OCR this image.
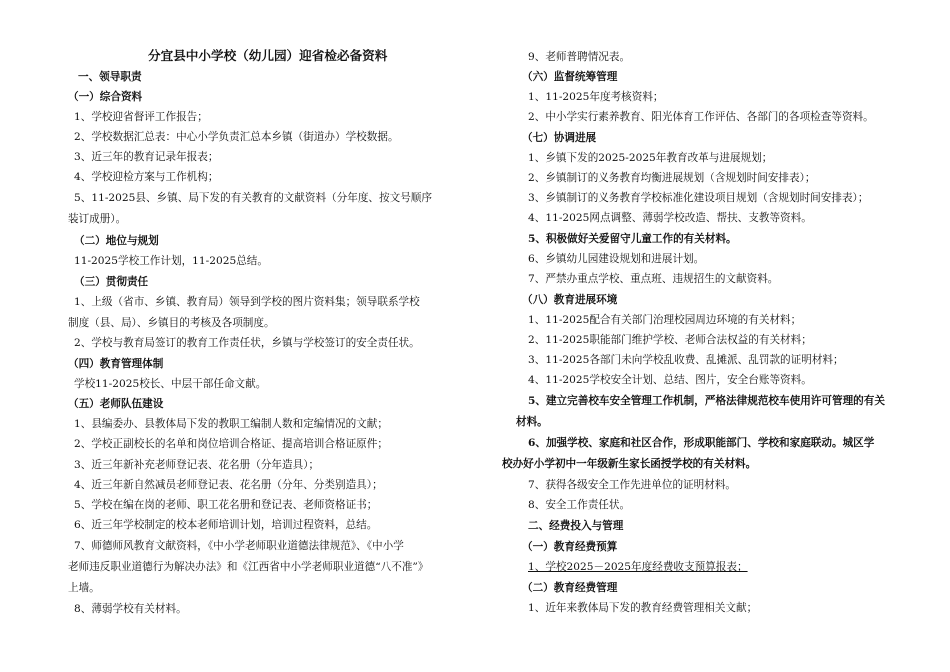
分宜县中小学校（幼儿园）迎省检必备资料
一、领导职责
（一）综合资料
1、学校迎省督评工作报告；
2、学校数据汇总表：中心小学负责汇总本乡镇（街道办）学校数据。
3、近三年的教育记录年报表；
4、学校迎检方案与工作机构；
5、11-2025县、乡镇、局下发的有关教育的文献资料（分年度、按文号顺序
装订成册）。
（二）地位与规划
11-2025学校工作计划，11-2025总结。
（三）贯彻责任
1、上级（省市、乡镇、教育局）领导到学校的图片资料集；领导联系学校
制度（县、局）、乡镇目的考核及各项制度。
2、学校与教育局签订的教育工作责任状，乡镇与学校签订的安全责任状。
（四）教育管理体制
学校11-2025校长、中层干部任命文献。
（五）老师队伍建设
1、县编委办、县教体局下发的教职工编制人数和定编情况的文献；
2、学校正副校长的名单和岗位培训合格证、提高培训合格证原件；
3、近三年新补充老师登记表、花名册（分年造具）；
4、近三年新自然减员老师登记表、花名册（分年、分类别造具）；
5、学校在编在岗的老师、职工花名册和登记表、老师资格证书；
6、近三年学校制定的校本老师培训计划，培训过程资料，总结。
7、师德师风教育文献资料，《中小学老师职业道德法律规范》、《中小学
老师违反职业道德行为解决办法》和《江西省中小学老师职业道德“八不准”》
上墙。
8、薄弱学校有关材料。
9、老师普聘情况表。
（六）监督统筹管理
1、11-2025年度考核资料；
2、中小学实行素养教育、阳光体育工作评估、各部门的各项检查等资料。
（七）协调进展
1、乡镇下发的2025-2025年教育改革与进展规划；
2、乡镇制订的义务教育均衡进展规划（含规划时间安排表）；
3、乡镇制订的义务教育学校标准化建设项目规划（含规划时间安排表）；
4、11-2025网点调整、薄弱学校改造、帮扶、支教等资料。
5、积极做好关爱留守儿童工作的有关材料。
6、乡镇幼儿园建设规划和进展计划。
7、严禁办重点学校、重点班、违规招生的文献资料。
（八）教育进展环境
1、11-2025配合有关部门治理校园周边环境的有关材料；
2、11-2025职能部门维护学校、老师合法权益的有关材料；
3、11-2025各部门未向学校乱收费、乱摊派、乱罚款的证明材料；
4、11-2025学校安全计划、总结、图片，安全台账等资料。
5、建立完善校车安全管理工作机制，严格法律规范校车使用许可管理的有关
材料。
6、加强学校、家庭和社区合作，形成职能部门、学校和家庭联动。城区学
校办好小学初中一年级新生家长函授学校的有关材料。
7、获得各级安全工作先进单位的证明材料。
8、安全工作责任状。
二、经费投入与管理
（一）教育经费预算
1、学校2025－2025年度经费收支预算报表；
（二）教育经费管理
1、近年来教体局下发的教育经费管理相关文献；
